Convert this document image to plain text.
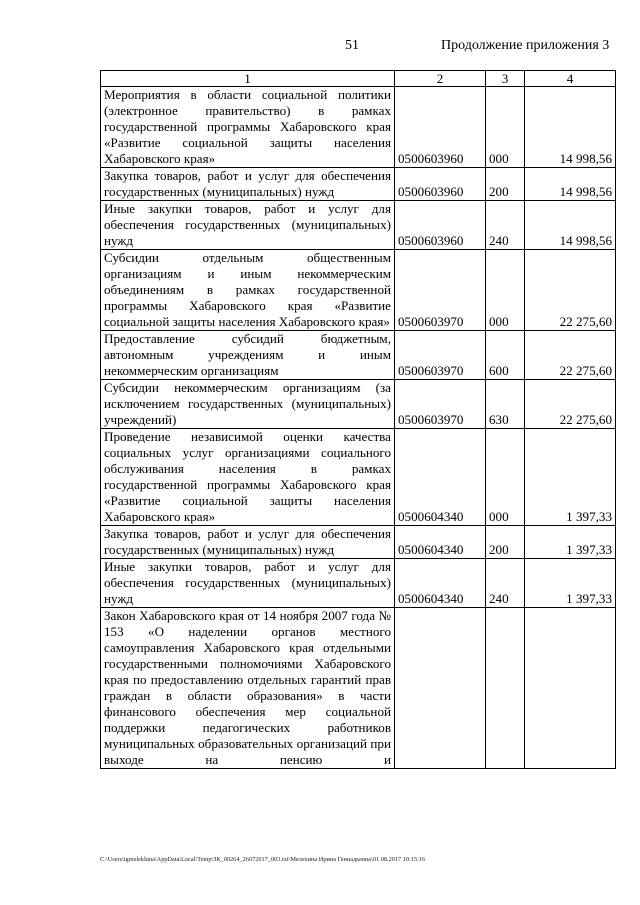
51	Продолжение приложения 3
1	2	3	4
Мероприятия в области социальной политики (электронное правительство) в рамках государственной программы Хабаровского края «Развитие социальной защиты населения Хабаровского края»	0500603960	000	14 998,56
Закупка товаров, работ и услуг для обеспечения государственных (муниципальных) нужд	0500603960	200	14 998,56
Иные закупки товаров, работ и услуг для обеспечения государственных (муниципальных) нужд	0500603960	240	14 998,56
Субсидии отдельным общественным организациям и иным некоммерческим объединениям в рамках государственной программы Хабаровского края «Развитие социальной защиты населения Хабаровского края»	0500603970	000	22 275,60
Предоставление субсидий бюджетным, автономным учреждениям и иным некоммерческим организациям	0500603970	600	22 275,60
Субсидии некоммерческим организациям (за исключением государственных (муниципальных) учреждений)	0500603970	630	22 275,60
Проведение независимой оценки качества социальных услуг организациями социального обслуживания населения в рамках государственной программы Хабаровского края «Развитие социальной защиты населения Хабаровского края»	0500604340	000	1 397,33
Закупка товаров, работ и услуг для обеспечения государственных (муниципальных) нужд	0500604340	200	1 397,33
Иные закупки товаров, работ и услуг для обеспечения государственных (муниципальных) нужд	0500604340	240	1 397,33
Закон Хабаровского края от 14 ноября 2007 года № 153 «О наделении органов местного самоуправления Хабаровского края отдельными государственными полномочиями Хабаровского края по предоставлению отдельных гарантий прав граждан в области образования» в части финансового обеспечения мер социальной поддержки педагогических работников муниципальных образовательных организаций при выходе на пенсию и			
C:\Users\igmelekhina\AppData\Local\Temp\ЗК_00264_26072017_003.txt\Мелехина Ирина Геннадьевна\01.08.2017 10:15:16
